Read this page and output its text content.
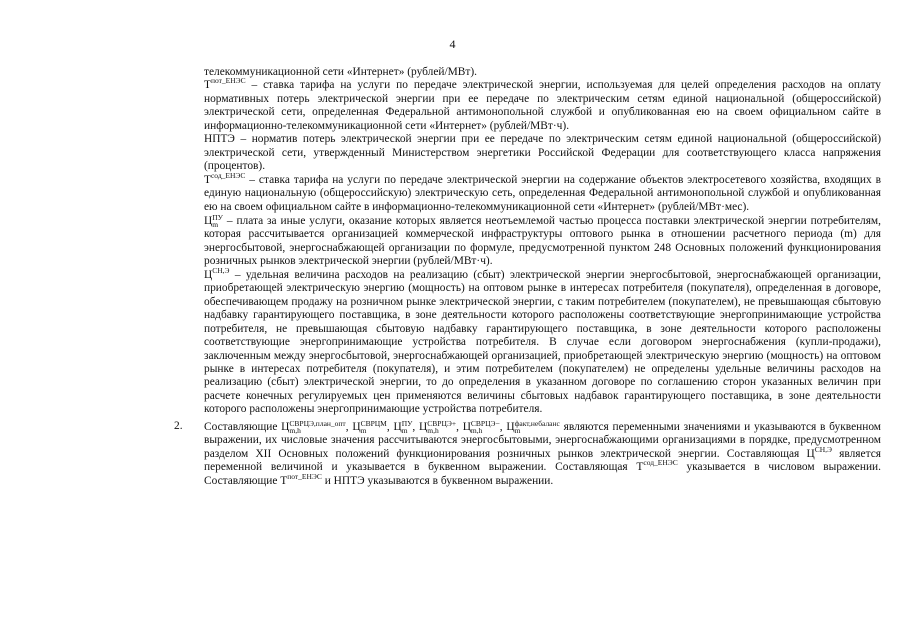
4
телекоммуникационной сети «Интернет» (рублей/МВт).
$T^{пот\_ЕНЭС}$ – ставка тарифа на услуги по передаче электрической энергии, используемая для целей определения расходов на оплату нормативных потерь электрической энергии при ее передаче по электрическим сетям единой национальной (общероссийской) электрической сети, определенная Федеральной антимонопольной службой и опубликованная ею на своем официальном сайте в информационно-телекоммуникационной сети «Интернет» (рублей/МВт·ч).
НПТЭ – норматив потерь электрической энергии при ее передаче по электрическим сетям единой национальной (общероссийской) электрической сети, утвержденный Министерством энергетики Российской Федерации для соответствующего класса напряжения (процентов).
$T^{сод\_ЕНЭС}$ – ставка тарифа на услуги по передаче электрической энергии на содержание объектов электросетевого хозяйства, входящих в единую национальную (общероссийскую) электрическую сеть, определенная Федеральной антимонопольной службой и опубликованная ею на своем официальном сайте в информационно-телекоммуникационной сети «Интернет» (рублей/МВт·мес).
Ц ПУ
m – плата за иные услуги, оказание которых является неотъемлемой частью процесса поставки электрической энергии потребителям, которая рассчитывается организацией коммерческой инфраструктуры оптового рынка в отношении расчетного периода (m) для энергосбытовой, энергоснабжающей организации по формуле, предусмотренной пунктом 248 Основных положений функционирования розничных рынков электрической энергии (рублей/МВт·ч).
$Ц^{СН,Э}$ – удельная величина расходов на реализацию (сбыт) электрической энергии энергосбытовой, энергоснабжающей организации, приобретающей электрическую энергию (мощность) на оптовом рынке в интересах потребителя (покупателя), определенная в договоре, обеспечивающем продажу на розничном рынке электрической энергии, с таким потребителем (покупателем), не превышающая сбытовую надбавку гарантирующего поставщика, в зоне деятельности которого расположены соответствующие энергопринимающие устройства потребителя, не превышающая сбытовую надбавку гарантирующего поставщика, в зоне деятельности которого расположены соответствующие энергопринимающие устройства потребителя. В случае если договором энергоснабжения (купли-продажи), заключенным между энергосбытовой, энергоснабжающей организацией, приобретающей электрическую энергию (мощность) на оптовом рынке в интересах потребителя (покупателя), и этим потребителем (покупателем) не определены удельные величины расходов на реализацию (сбыт) электрической энергии, то до определения в указанном договоре по соглашению сторон указанных величин при расчете конечных регулируемых цен применяются величины сбытовых надбавок гарантирующего поставщика, в зоне деятельности которого расположены энергопринимающие устройства потребителя.
2. Составляющие Ц СВРЦЭ,план_опт
m,h	, Ц СВРЦМ
m	, Ц ПУ
m , Ц СВРЦЭ+
m,h	, Ц СВРЦЭ−
m,h	, Ц факт,небаланс
m	являются переменными значениями и указываются в буквенном выражении, их числовые значения рассчитываются энергосбытовыми, энергоснабжающими организациями в порядке, предусмотренном разделом XII Основных положений функционирования розничных рынков электрической энергии. Составляющая $Ц^{СН,Э}$ является переменной величиной и указывается в буквенном выражении. Составляющая $T^{сод\_ЕНЭС}$ указывается в числовом выражении. Составляющие $T^{пот\_ЕНЭС}$ и НПТЭ указываются в буквенном выражении.
